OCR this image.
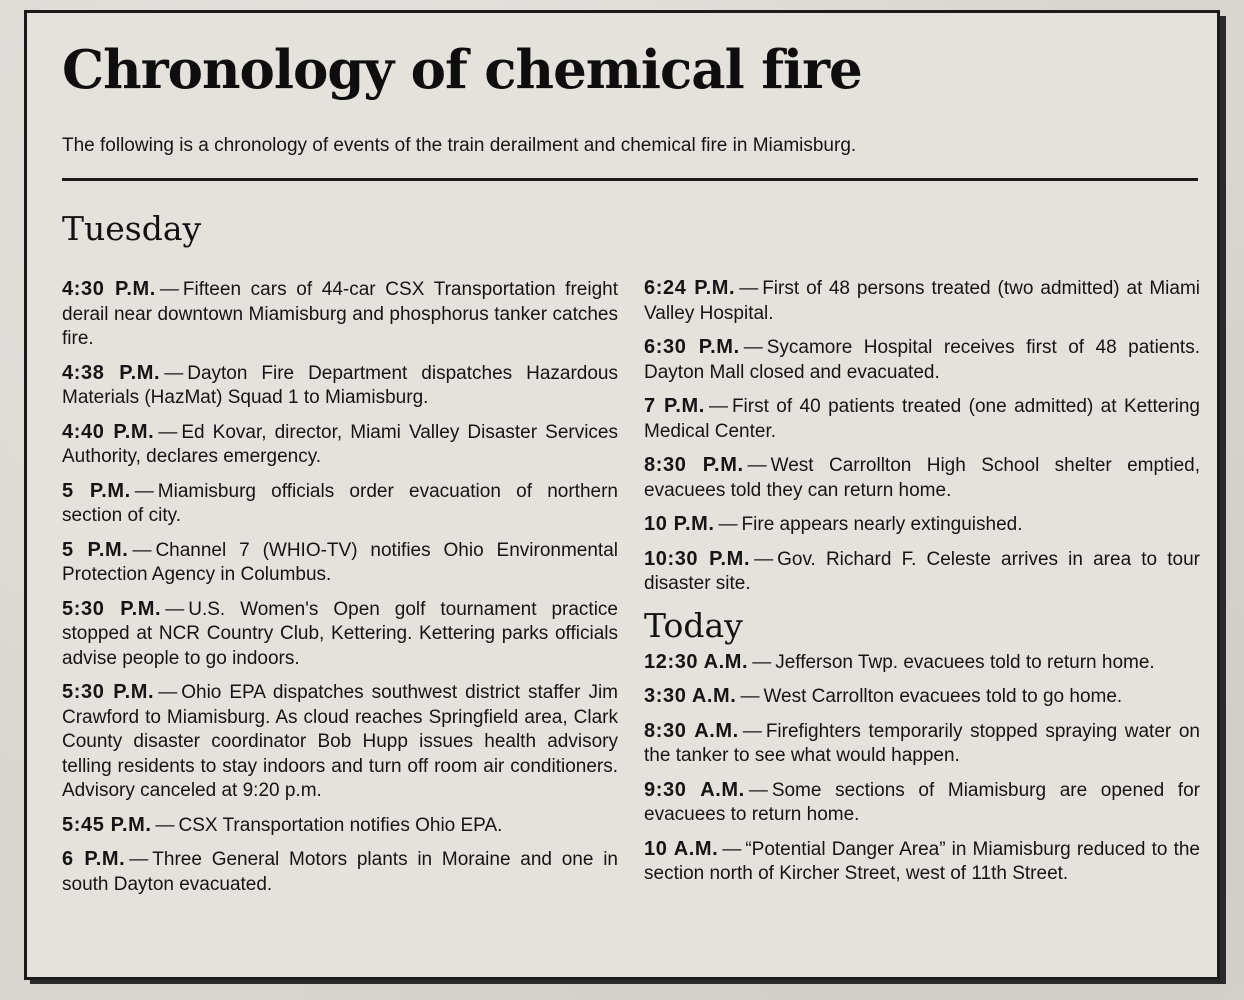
Chronology of chemical fire

The following is a chronology of events of the train derailment and chemical fire in Miamisburg.

Tuesday

4:30 P.M. — Fifteen cars of 44-car CSX Transportation freight derail near downtown Miamisburg and phosphorus tanker catches fire.

4:38 P.M. — Dayton Fire Department dispatches Hazardous Materials (HazMat) Squad 1 to Miamisburg.

4:40 P.M. — Ed Kovar, director, Miami Valley Disaster Services Authority, declares emergency.

5 P.M. — Miamisburg officials order evacuation of northern section of city.

5 P.M. — Channel 7 (WHIO-TV) notifies Ohio Environmental Protection Agency in Columbus.

5:30 P.M. — U.S. Women's Open golf tournament practice stopped at NCR Country Club, Kettering. Kettering parks officials advise people to go indoors.

5:30 P.M. — Ohio EPA dispatches southwest district staffer Jim Crawford to Miamisburg. As cloud reaches Springfield area, Clark County disaster coordinator Bob Hupp issues health advisory telling residents to stay indoors and turn off room air conditioners. Advisory canceled at 9:20 p.m.

5:45 P.M. — CSX Transportation notifies Ohio EPA.

6 P.M. — Three General Motors plants in Moraine and one in south Dayton evacuated.

6:24 P.M. — First of 48 persons treated (two admitted) at Miami Valley Hospital.

6:30 P.M. — Sycamore Hospital receives first of 48 patients. Dayton Mall closed and evacuated.

7 P.M. — First of 40 patients treated (one admitted) at Kettering Medical Center.

8:30 P.M. — West Carrollton High School shelter emptied, evacuees told they can return home.

10 P.M. — Fire appears nearly extinguished.

10:30 P.M. — Gov. Richard F. Celeste arrives in area to tour disaster site.

Today

12:30 A.M. — Jefferson Twp. evacuees told to return home.

3:30 A.M. — West Carrollton evacuees told to go home.

8:30 A.M. — Firefighters temporarily stopped spraying water on the tanker to see what would happen.

9:30 A.M. — Some sections of Miamisburg are opened for evacuees to return home.

10 A.M. — “Potential Danger Area” in Miamisburg reduced to the section north of Kircher Street, west of 11th Street.
